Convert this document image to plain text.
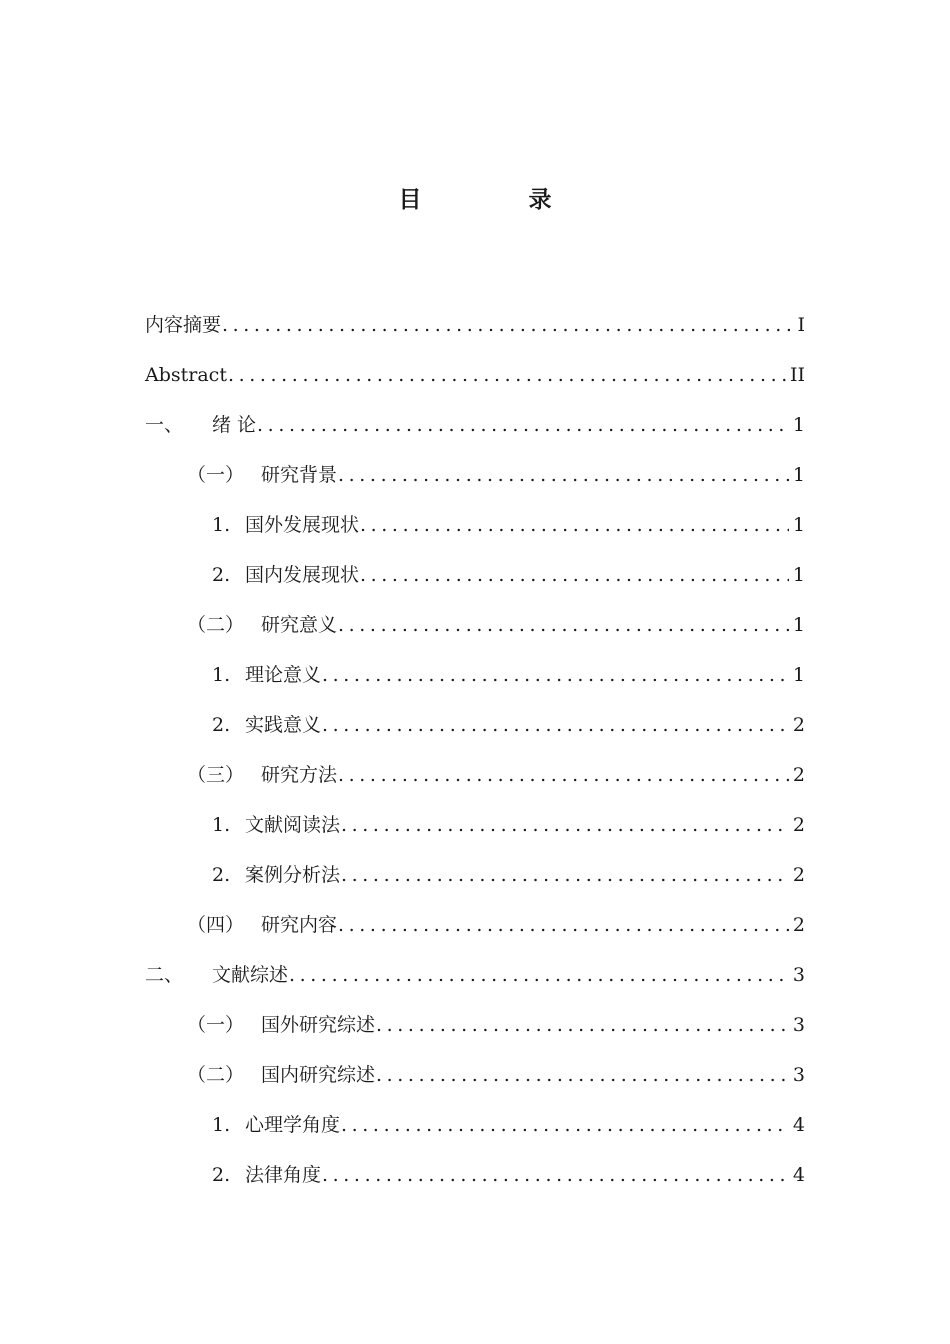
目　录
内容摘要 .....	I
Abstract .....	II
一、	绪 论 .....	1
（一） 研究背景 .....	1
1. 国外发展现状 .....	1
2. 国内发展现状 .....	1
（二） 研究意义 .....	1
1. 理论意义 .....	1
2. 实践意义 .....	2
（三） 研究方法 .....	2
1. 文献阅读法 .....	2
2. 案例分析法 .....	2
（四） 研究内容 .....	2
二、	文献综述 .....	3
（一） 国外研究综述 .....	3
（二） 国内研究综述 .....	3
1. 心理学角度 .....	4
2. 法律角度 .....	4
